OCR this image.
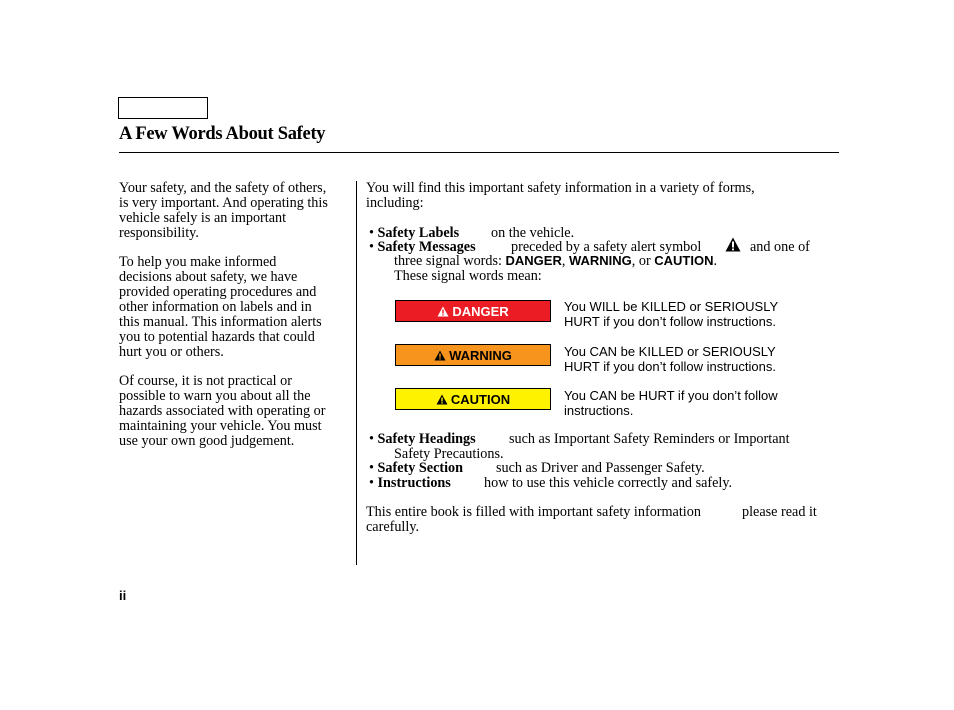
A Few Words About Safety

Your safety, and the safety of others,
is very important. And operating this
vehicle safely is an important
responsibility.

To help you make informed
decisions about safety, we have
provided operating procedures and
other information on labels and in
this manual. This information alerts
you to potential hazards that could
hurt you or others.

Of course, it is not practical or
possible to warn you about all the
hazards associated with operating or
maintaining your vehicle. You must
use your own good judgement.

You will find this important safety information in a variety of forms,
including:
• Safety Labels on the vehicle.
• Safety Messages preceded by a safety alert symbol	and one of
three signal words: DANGER, WARNING, or CAUTION.
These signal words mean:
DANGER	You WILL be KILLED or SERIOUSLY
HURT if you don’t follow instructions.
WARNING	You CAN be KILLED or SERIOUSLY
HURT if you don’t follow instructions.
CAUTION	You CAN be HURT if you don’t follow
instructions.
• Safety Headings such as Important Safety Reminders or Important
Safety Precautions.
• Safety Section such as Driver and Passenger Safety.
• Instructions how to use this vehicle correctly and safely.
This entire book is filled with important safety information	please read it
carefully.
ii
